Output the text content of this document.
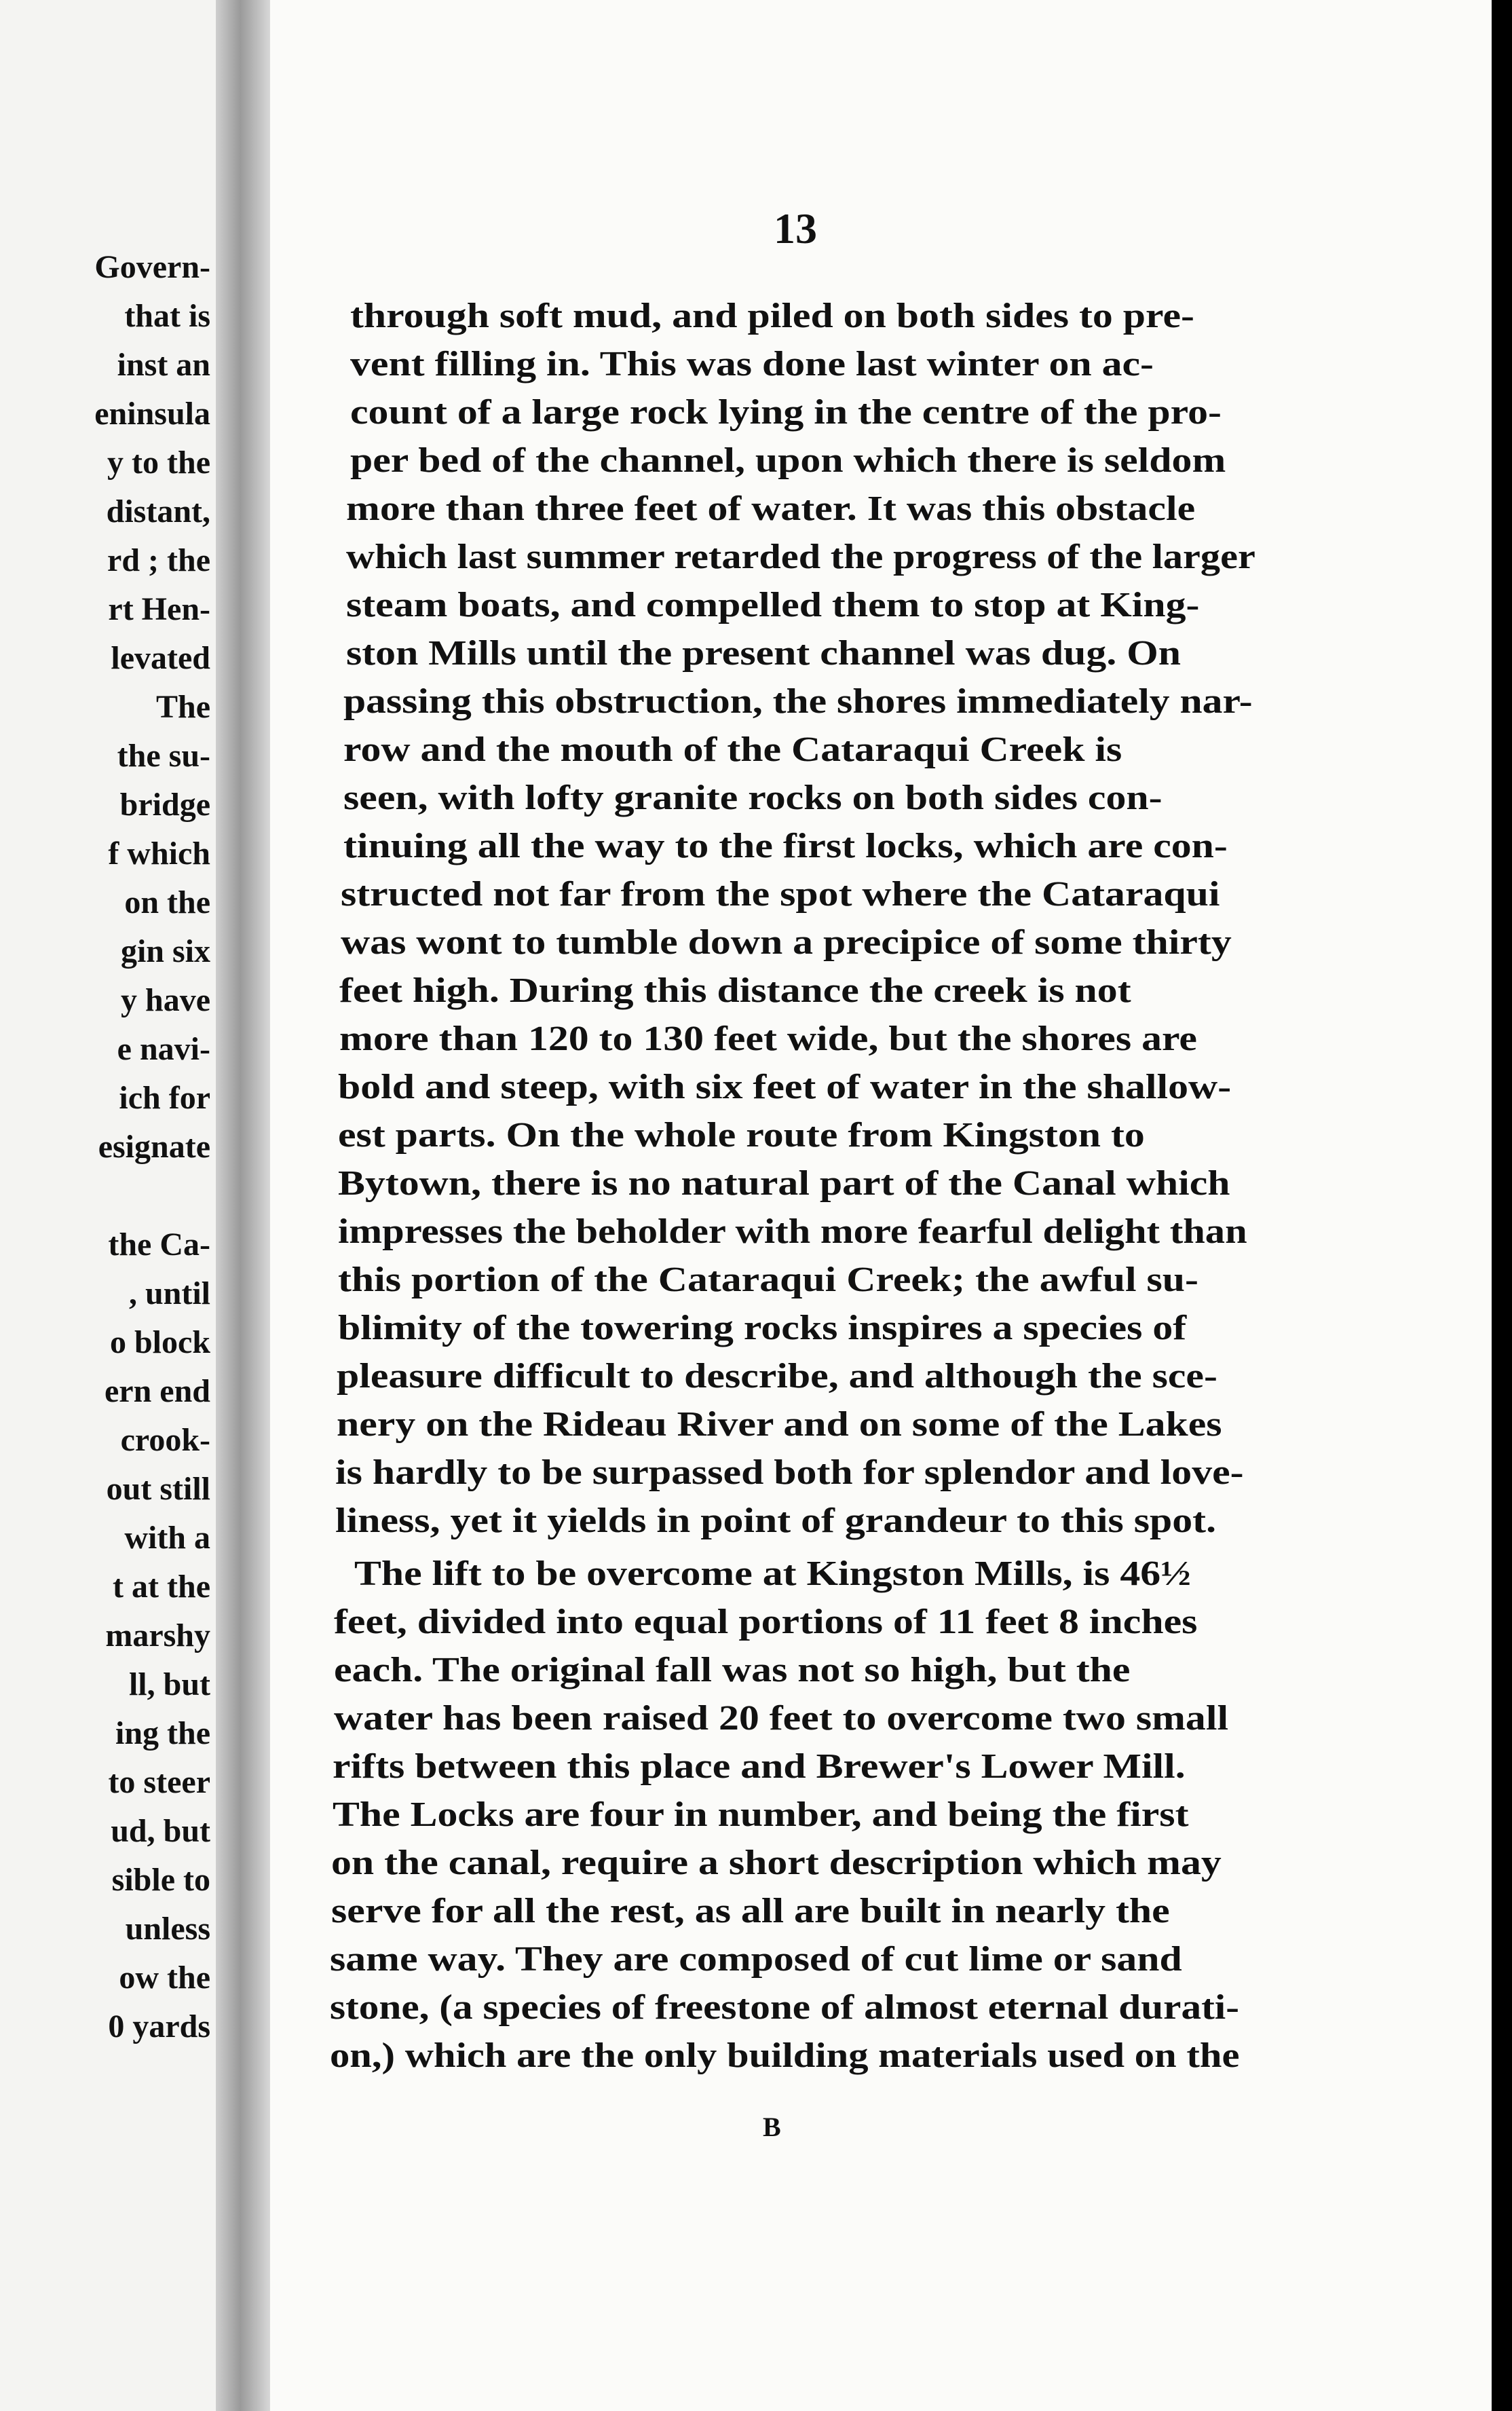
Govern-
that is
inst an
eninsula
y to the
distant,
rd ; the
rt Hen-
levated
The
the su-
bridge
f which
on the
gin six
y have
e navi-
ich for
esignate
the Ca-
, until
o block
ern end
crook-
out still
with a
t at the
marshy
ll, but
ing the
to steer
ud, but
sible to
unless
ow the
0 yards
13
through soft mud, and piled on both sides to pre-
vent filling in. This was done last winter on ac-
count of a large rock lying in the centre of the pro-
per bed of the channel, upon which there is seldom
more than three feet of water. It was this obstacle
which last summer retarded the progress of the larger
steam boats, and compelled them to stop at King-
ston Mills until the present channel was dug. On
passing this obstruction, the shores immediately nar-
row and the mouth of the Cataraqui Creek is
seen, with lofty granite rocks on both sides con-
tinuing all the way to the first locks, which are con-
structed not far from the spot where the Cataraqui
was wont to tumble down a precipice of some thirty
feet high. During this distance the creek is not
more than 120 to 130 feet wide, but the shores are
bold and steep, with six feet of water in the shallow-
est parts. On the whole route from Kingston to
Bytown, there is no natural part of the Canal which
impresses the beholder with more fearful delight than
this portion of the Cataraqui Creek; the awful su-
blimity of the towering rocks inspires a species of
pleasure difficult to describe, and although the sce-
nery on the Rideau River and on some of the Lakes
is hardly to be surpassed both for splendor and love-
liness, yet it yields in point of grandeur to this spot.
The lift to be overcome at Kingston Mills, is 46½
feet, divided into equal portions of 11 feet 8 inches
each. The original fall was not so high, but the
water has been raised 20 feet to overcome two small
rifts between this place and Brewer's Lower Mill.
The Locks are four in number, and being the first
on the canal, require a short description which may
serve for all the rest, as all are built in nearly the
same way. They are composed of cut lime or sand
stone, (a species of freestone of almost eternal durati-
on,) which are the only building materials used on the
B
